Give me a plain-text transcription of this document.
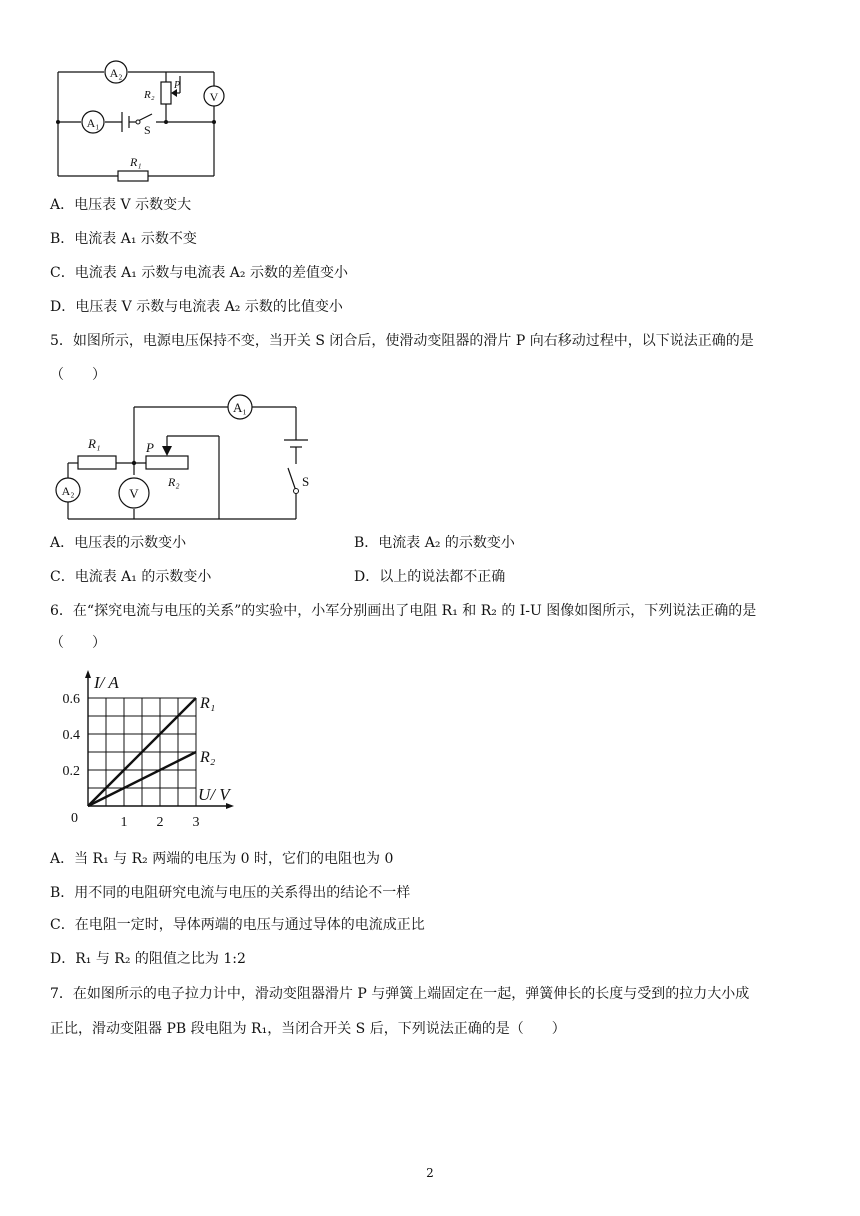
A₂
A₁
V
R₂
P
S
R₁
A．电压表 V 示数变大
B．电流表 A₁ 示数不变
C．电流表 A₁ 示数与电流表 A₂ 示数的差值变小
D．电压表 V 示数与电流表 A₂ 示数的比值变小
5．如图所示，电源电压保持不变，当开关 S 闭合后，使滑动变阻器的滑片 P 向右移动过程中，以下说法正确的是
（　　）
A₁
R₁	P
R₂
A₂	V
S
A．电压表的示数变小	B．电流表 A₂ 的示数变小
C．电流表 A₁ 的示数变小	D．以上的说法都不正确
6．在“探究电流与电压的关系”的实验中，小军分别画出了电阻 R₁ 和 R₂ 的 I-U 图像如图所示，下列说法正确的是
（　　）
1 2 3
0.2
0.4
0.6
0
I/ A
U/ V
R₁
R₂
A．当 R₁ 与 R₂ 两端的电压为 0 时，它们的电阻也为 0
B．用不同的电阻研究电流与电压的关系得出的结论不一样
C．在电阻一定时，导体两端的电压与通过导体的电流成正比
D．R₁ 与 R₂ 的阻值之比为 1:2
7．在如图所示的电子拉力计中，滑动变阻器滑片 P 与弹簧上端固定在一起，弹簧伸长的长度与受到的拉力大小成
正比，滑动变阻器 PB 段电阻为 R₁，当闭合开关 S 后，下列说法正确的是（　　）
2
